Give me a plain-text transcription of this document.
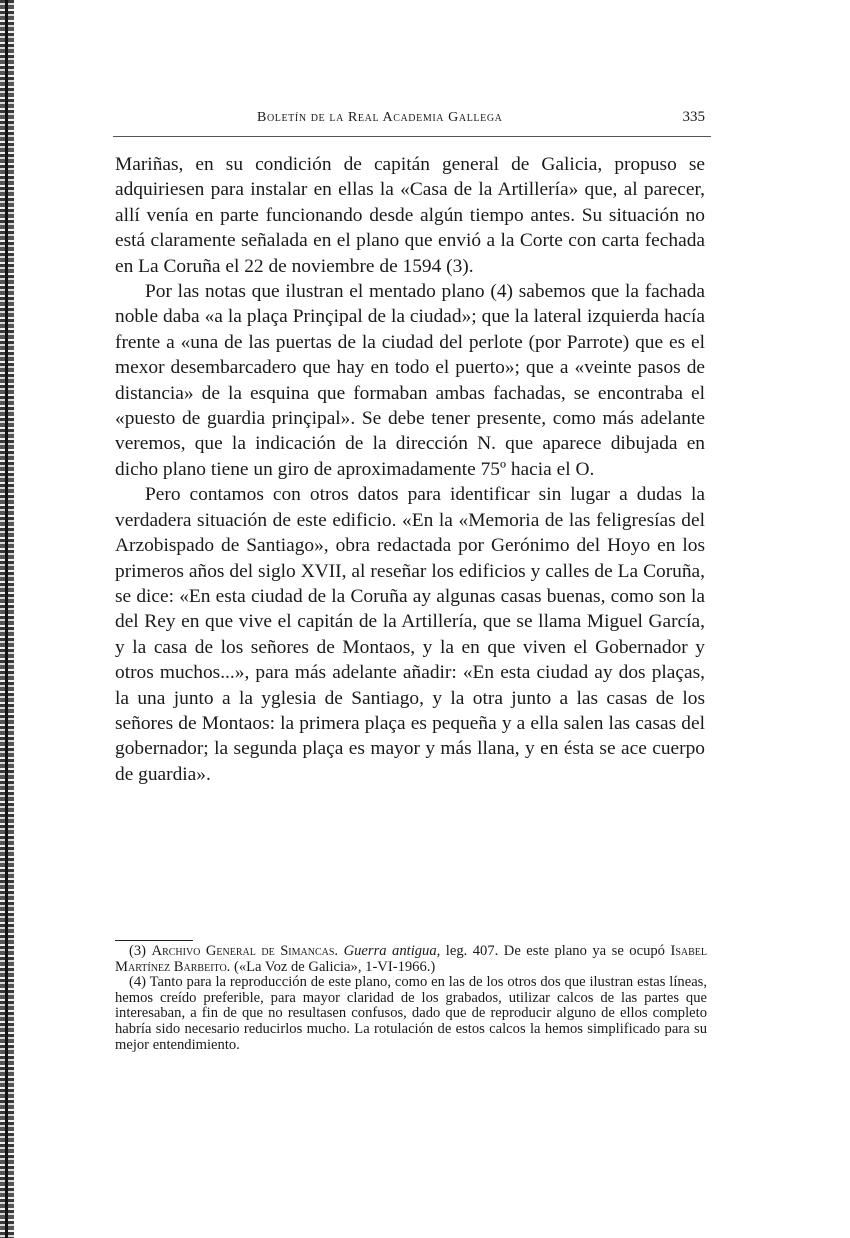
Boletín de la Real Academia Gallega	335

Mariñas, en su condición de capitán general de Galicia, propuso se adquiriesen para instalar en ellas la «Casa de la Artillería» que, al parecer, allí venía en parte funcionando desde algún tiempo antes. Su situación no está claramente señalada en el plano que envió a la Corte con carta fechada en La Coruña el 22 de noviembre de 1594 (3).

Por las notas que ilustran el mentado plano (4) sabemos que la fachada noble daba «a la plaça Prinçipal de la ciudad»; que la lateral izquierda hacía frente a «una de las puertas de la ciudad del perlote (por Parrote) que es el mexor desembarcadero que hay en todo el puerto»; que a «veinte pasos de distancia» de la esquina que formaban ambas fachadas, se encontraba el «puesto de guardia prinçipal». Se debe tener presente, como más adelante veremos, que la indicación de la dirección N. que aparece dibujada en dicho plano tiene un giro de aproximadamente 75º hacia el O.

Pero contamos con otros datos para identificar sin lugar a dudas la verdadera situación de este edificio. «En la «Memoria de las feligresías del Arzobispado de Santiago», obra redactada por Gerónimo del Hoyo en los primeros años del siglo XVII, al reseñar los edificios y calles de La Coruña, se dice: «En esta ciudad de la Coruña ay algunas casas buenas, como son la del Rey en que vive el capitán de la Artillería, que se llama Miguel García, y la casa de los señores de Montaos, y la en que viven el Gobernador y otros muchos...», para más adelante añadir: «En esta ciudad ay dos plaças, la una junto a la yglesia de Santiago, y la otra junto a las casas de los señores de Montaos: la primera plaça es pequeña y a ella salen las casas del gobernador; la segunda plaça es mayor y más llana, y en ésta se ace cuerpo de guardia».

(3) Archivo General de Simancas. Guerra antigua, leg. 407. De este plano ya se ocupó Isabel Martínez Barbeito. («La Voz de Galicia», 1-VI-1966.)

(4) Tanto para la reproducción de este plano, como en las de los otros dos que ilustran estas líneas, hemos creído preferible, para mayor claridad de los grabados, utilizar calcos de las partes que interesaban, a fin de que no resultasen confusos, dado que de reproducir alguno de ellos completo habría sido necesario reducirlos mucho. La rotulación de estos calcos la hemos simplificado para su mejor entendimiento.
